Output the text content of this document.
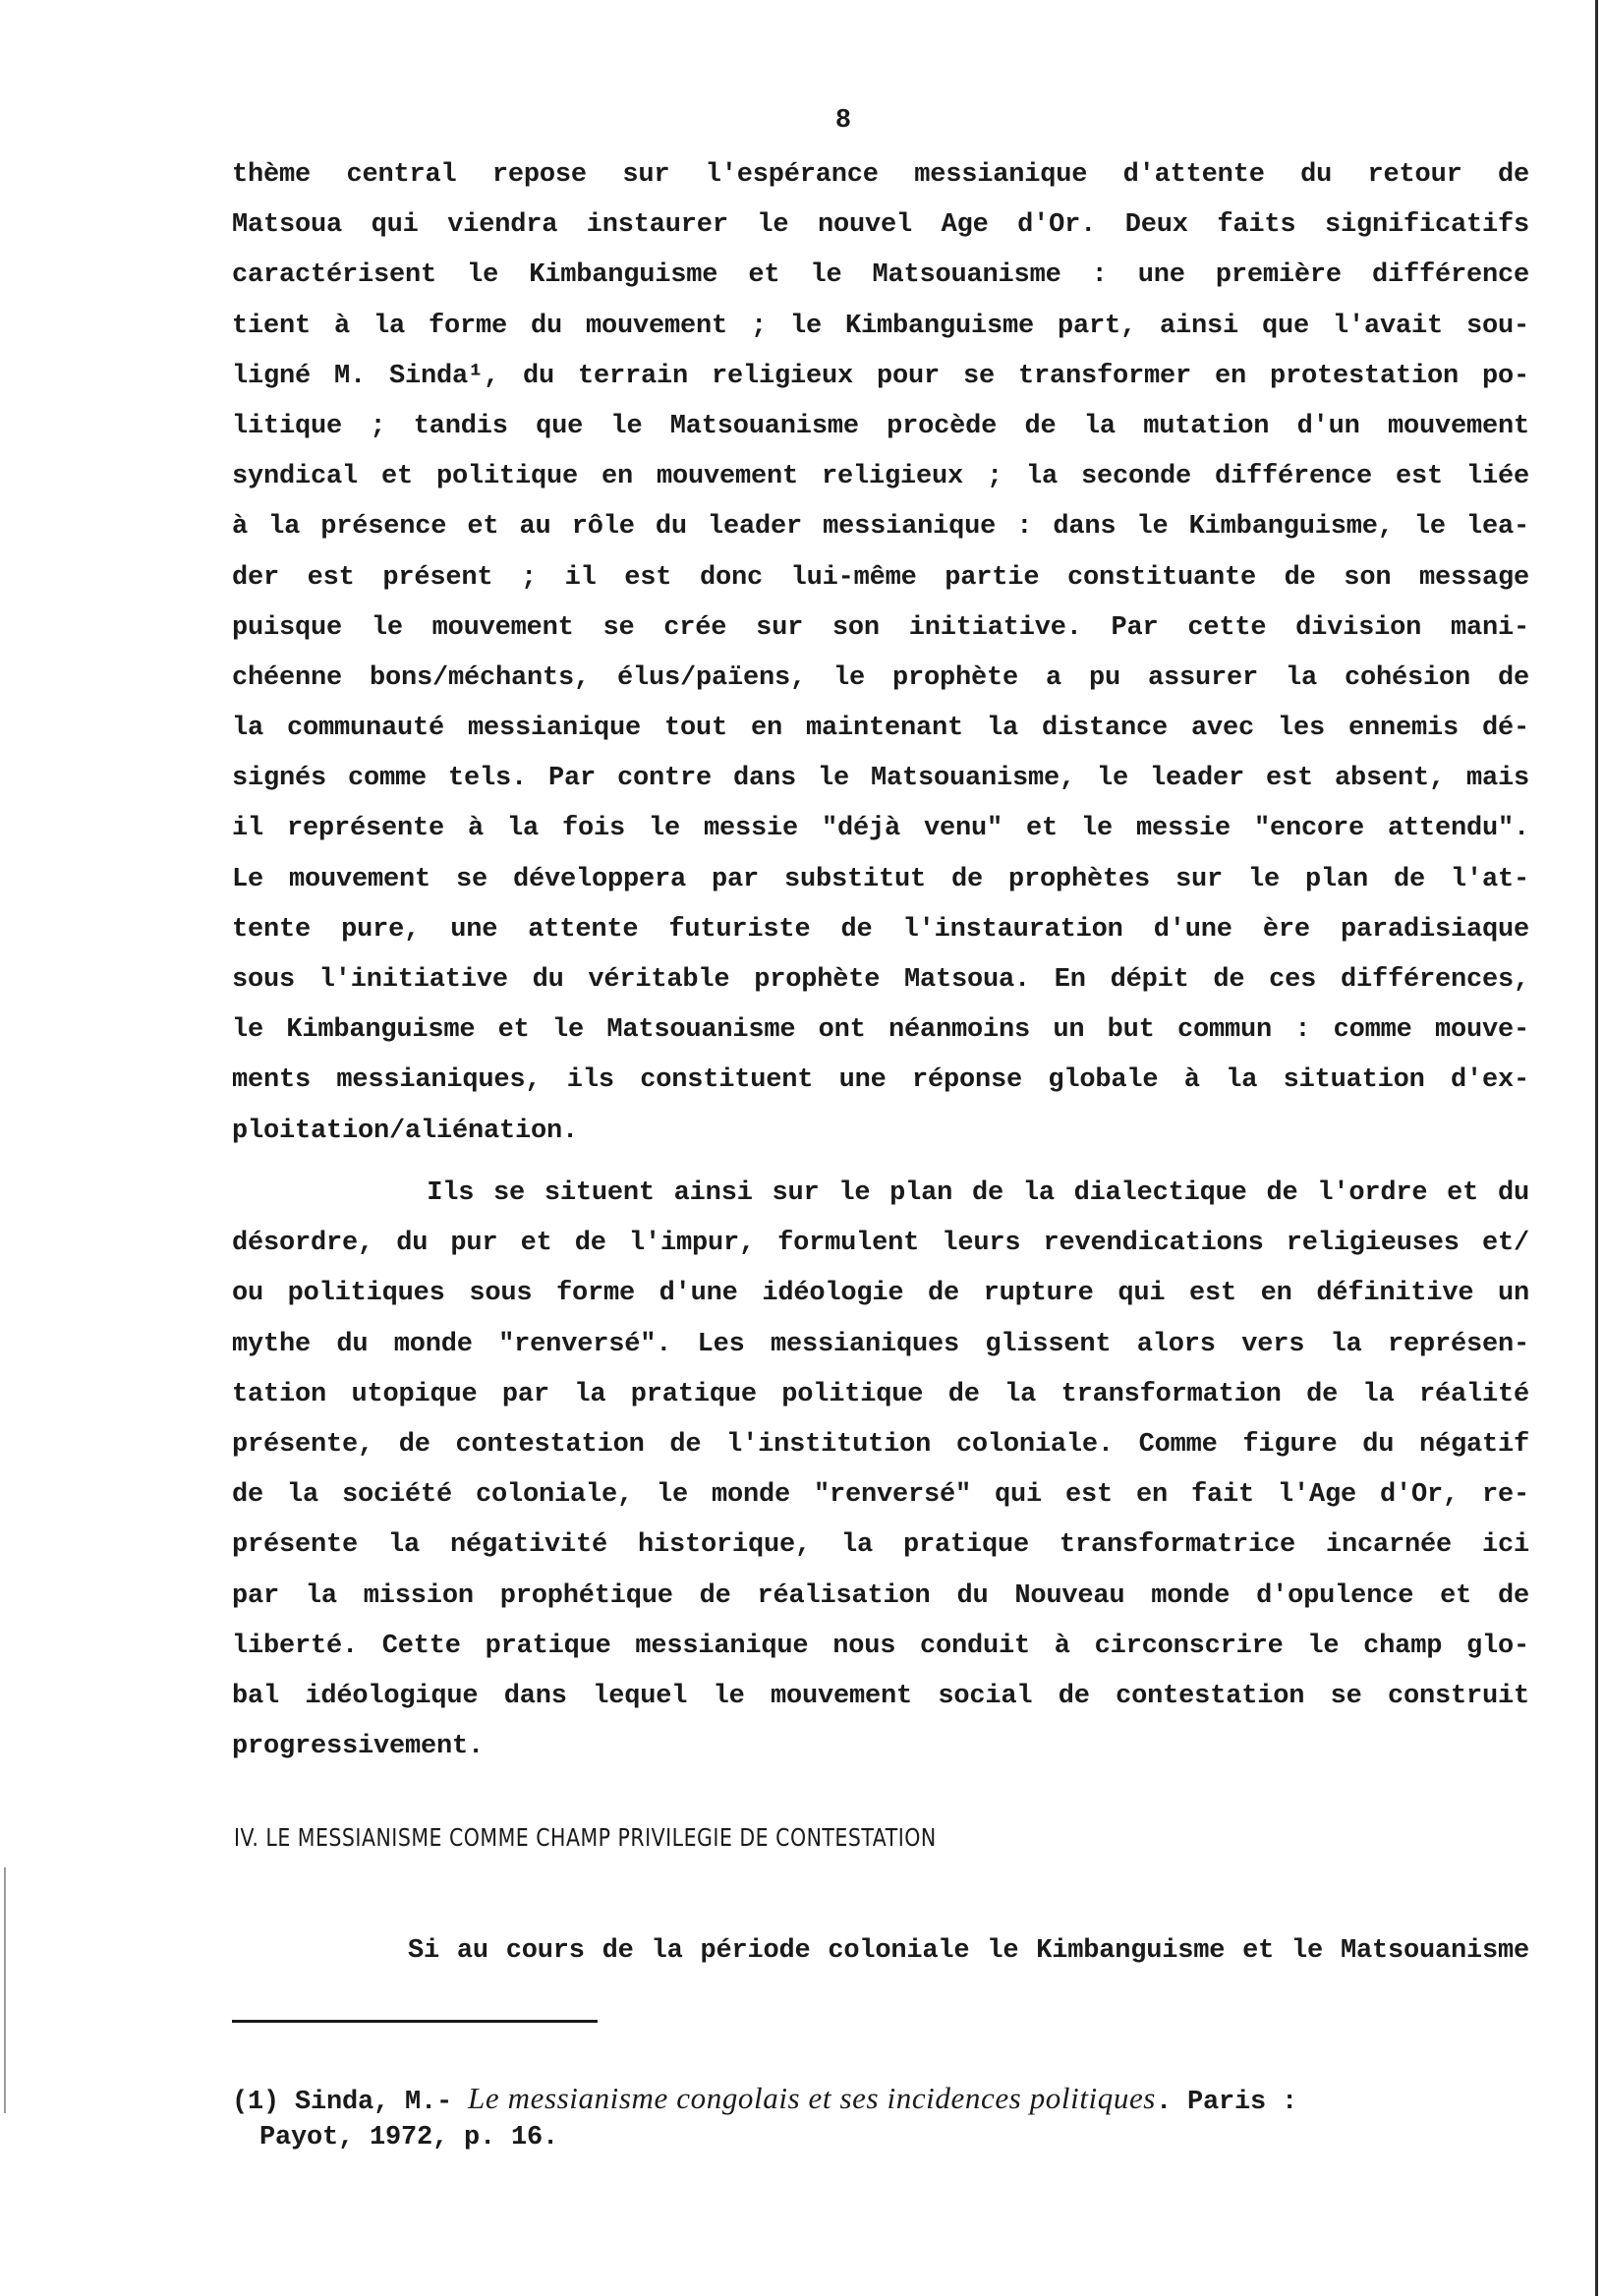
8
thème central repose sur l'espérance messianique d'attente du retour de
Matsoua qui viendra instaurer le nouvel Age d'Or. Deux faits significatifs
caractérisent le Kimbanguisme et le Matsouanisme : une première différence
tient à la forme du mouvement ; le Kimbanguisme part, ainsi que l'avait sou-
ligné M. Sinda¹, du terrain religieux pour se transformer en protestation po-
litique ; tandis que le Matsouanisme procède de la mutation d'un mouvement
syndical et politique en mouvement religieux ; la seconde différence est liée
à la présence et au rôle du leader messianique : dans le Kimbanguisme, le lea-
der est présent ; il est donc lui-même partie constituante de son message
puisque le mouvement se crée sur son initiative. Par cette division mani-
chéenne bons/méchants, élus/païens, le prophète a pu assurer la cohésion de
la communauté messianique tout en maintenant la distance avec les ennemis dé-
signés comme tels. Par contre dans le Matsouanisme, le leader est absent, mais
il représente à la fois le messie "déjà venu" et le messie "encore attendu".
Le mouvement se développera par substitut de prophètes sur le plan de l'at-
tente pure, une attente futuriste de l'instauration d'une ère paradisiaque
sous l'initiative du véritable prophète Matsoua. En dépit de ces différences,
le Kimbanguisme et le Matsouanisme ont néanmoins un but commun : comme mouve-
ments messianiques, ils constituent une réponse globale à la situation d'ex-
ploitation/aliénation.
Ils se situent ainsi sur le plan de la dialectique de l'ordre et du
désordre, du pur et de l'impur, formulent leurs revendications religieuses et/
ou politiques sous forme d'une idéologie de rupture qui est en définitive un
mythe du monde "renversé". Les messianiques glissent alors vers la représen-
tation utopique par la pratique politique de la transformation de la réalité
présente, de contestation de l'institution coloniale. Comme figure du négatif
de la société coloniale, le monde "renversé" qui est en fait l'Age d'Or, re-
présente la négativité historique, la pratique transformatrice incarnée ici
par la mission prophétique de réalisation du Nouveau monde d'opulence et de
liberté. Cette pratique messianique nous conduit à circonscrire le champ glo-
bal idéologique dans lequel le mouvement social de contestation se construit
progressivement.
IV. LE MESSIANISME COMME CHAMP PRIVILEGIE DE CONTESTATION
Si au cours de la période coloniale le Kimbanguisme et le Matsouanisme
(1) Sinda, M.- Le messianisme congolais et ses incidences politiques. Paris :
Payot, 1972, p. 16.
